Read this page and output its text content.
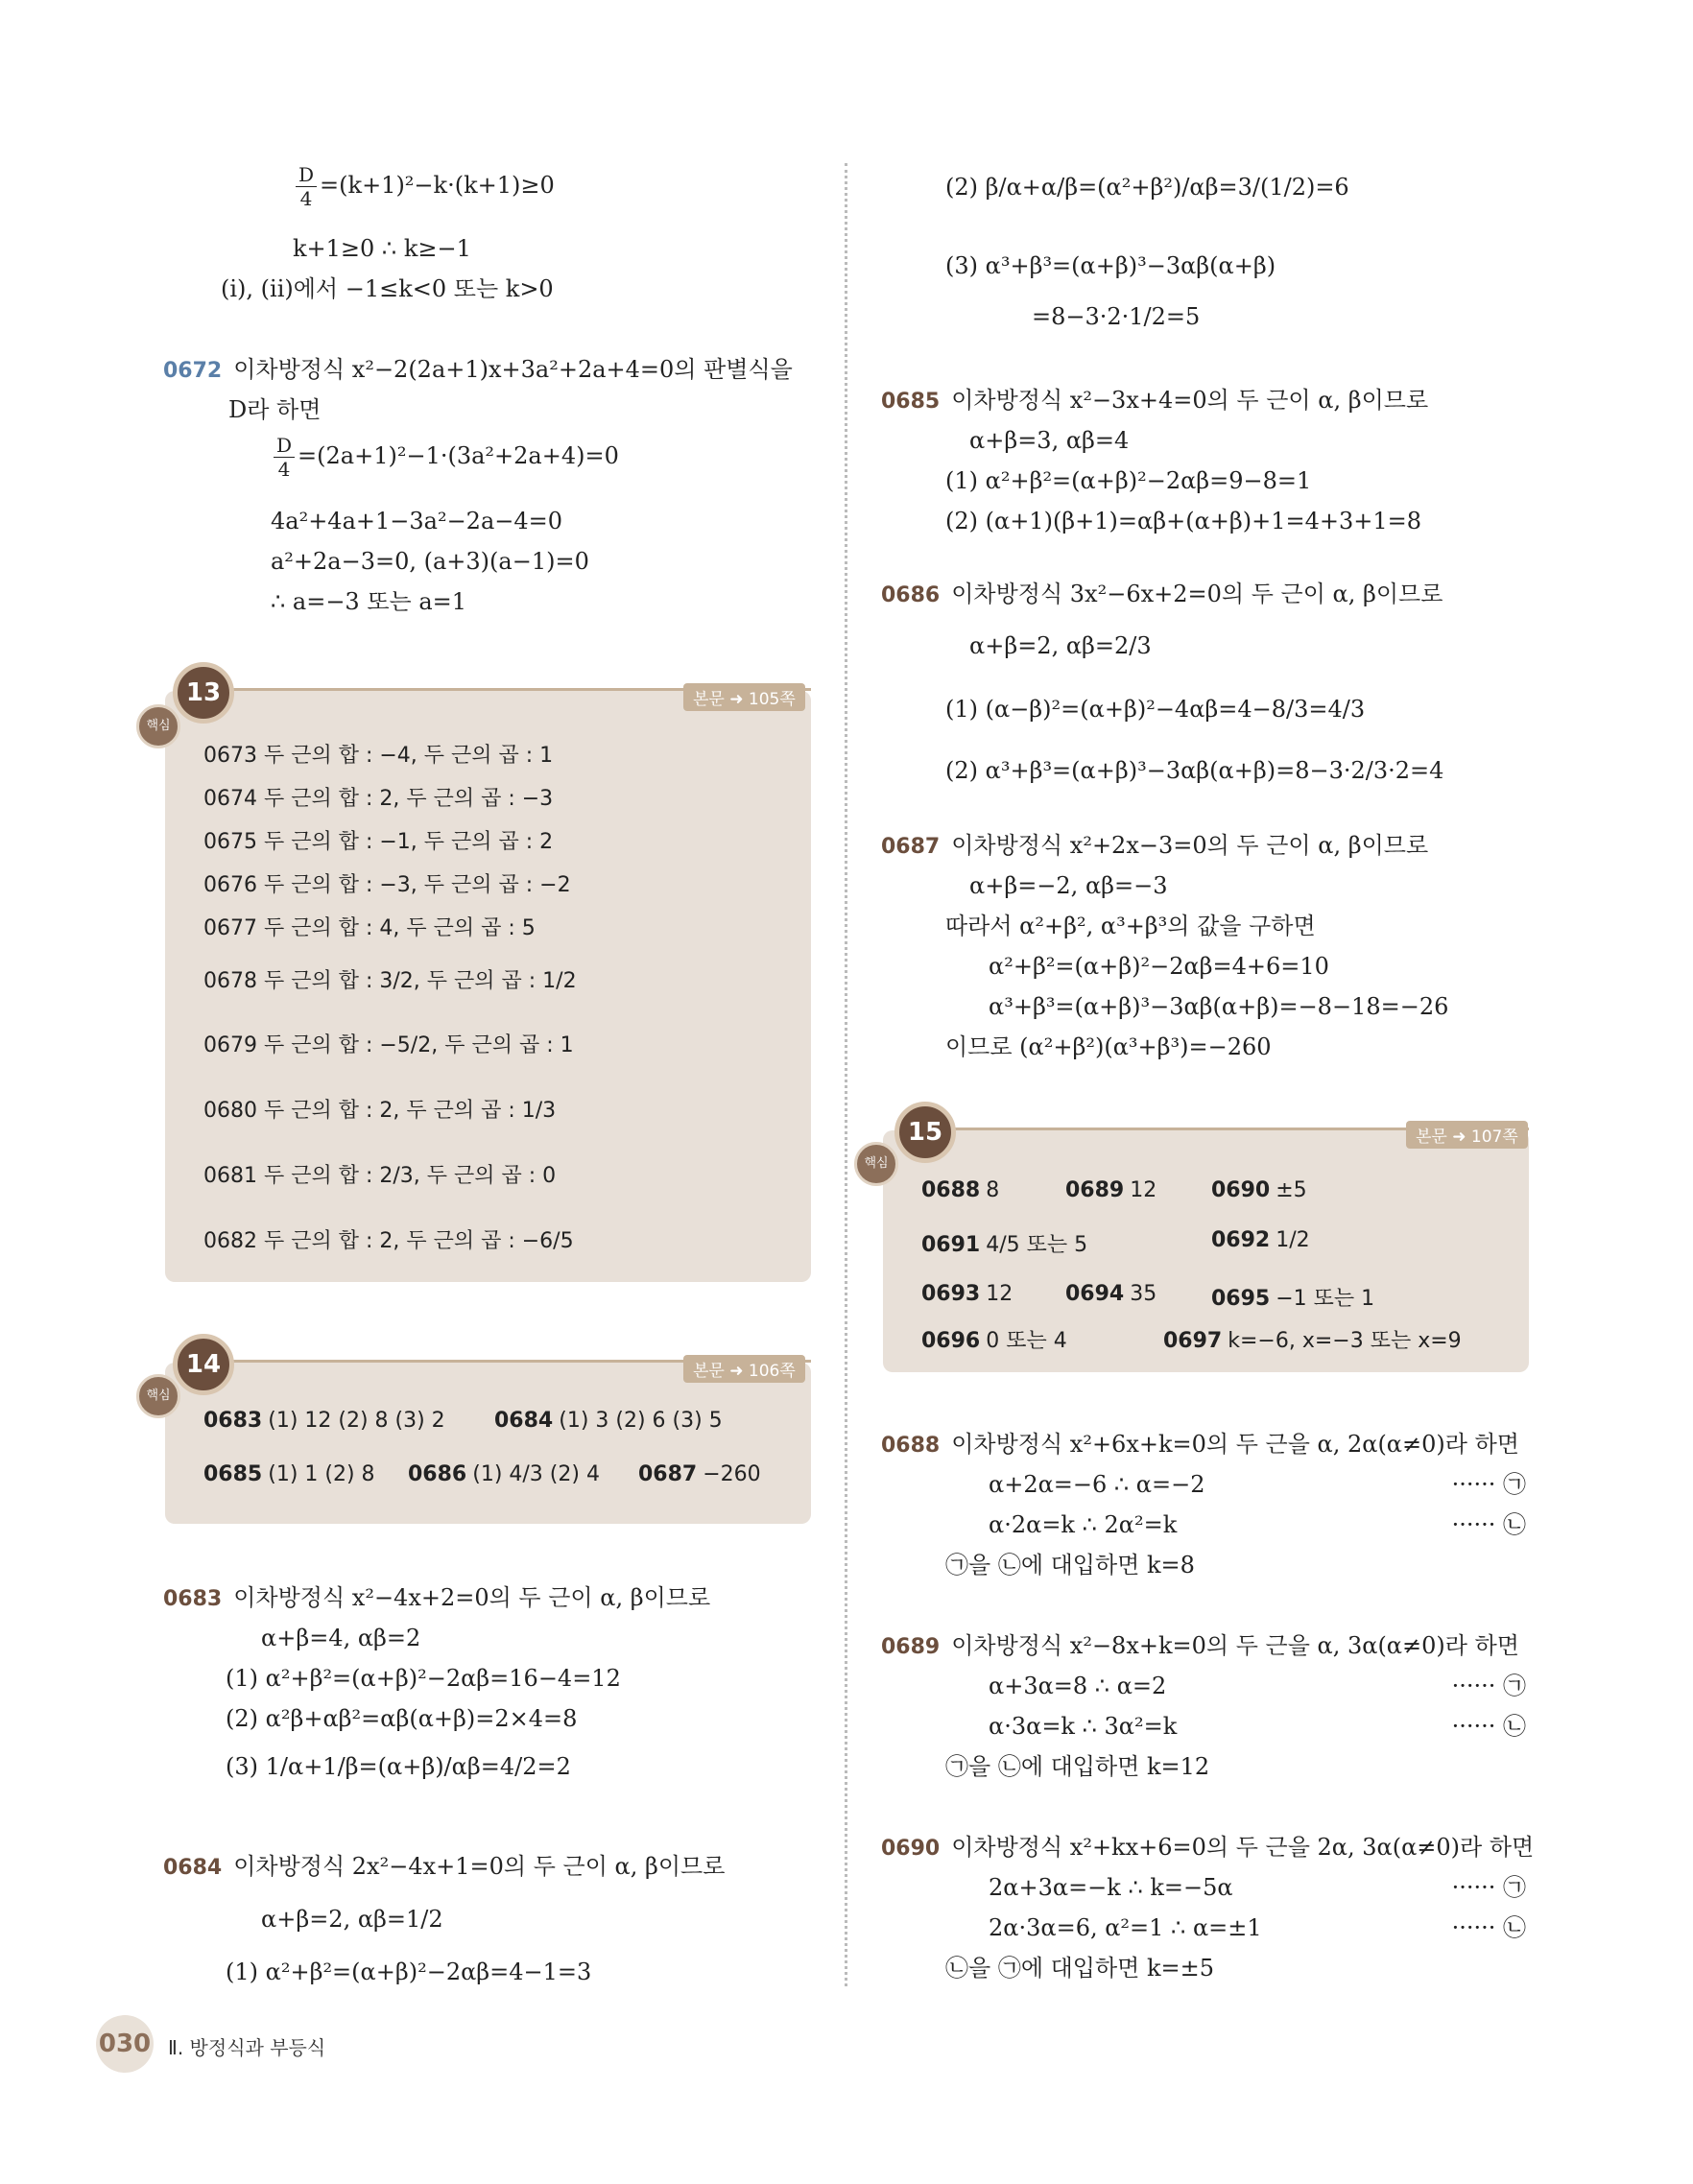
$\frac{D}{4} =(k+1)^2-k\cdot(k+1)\ge 0$
k+1≥0 ∴ k≥−1
(i), (ii)에서 −1≤k<0 또는 k>0
0672 이차방정식 x²−2(2a+1)x+3a²+2a+4=0의 판별식을
D라 하면
$\frac{D}{4} =(2a+1)^2-1\cdot(3a^2+2a+4)=0$
4a²+4a+1−3a²−2a−4=0
a²+2a−3=0, (a+3)(a−1)=0
∴ a=−3 또는 a=1
13
핵심
본문 ➜ 105쪽
0673 두 근의 합 : −4, 두 근의 곱 : 1
0674 두 근의 합 : 2, 두 근의 곱 : −3
0675 두 근의 합 : −1, 두 근의 곱 : 2
0676 두 근의 합 : −3, 두 근의 곱 : −2
0677 두 근의 합 : 4, 두 근의 곱 : 5
0678 두 근의 합 : 3/2, 두 근의 곱 : 1/2
0679 두 근의 합 : −5/2, 두 근의 곱 : 1
0680 두 근의 합 : 2, 두 근의 곱 : 1/3
0681 두 근의 합 : 2/3, 두 근의 곱 : 0
0682 두 근의 합 : 2, 두 근의 곱 : −6/5
14
핵심
본문 ➜ 106쪽
0683 (1) 12 (2) 8 (3) 2 0684 (1) 3 (2) 6 (3) 5
0685 (1) 1 (2) 8 0686 (1) 4/3 (2) 4 0687 −260
0683 이차방정식 x²−4x+2=0의 두 근이 α, β이므로
α+β=4, αβ=2
(1) α²+β²=(α+β)²−2αβ=16−4=12
(2) α²β+αβ²=αβ(α+β)=2×4=8
(3) 1/α+1/β=(α+β)/αβ=4/2=2
0684 이차방정식 2x²−4x+1=0의 두 근이 α, β이므로
α+β=2, αβ=1/2
(1) α²+β²=(α+β)²−2αβ=4−1=3
(2) β/α+α/β=(α²+β²)/αβ=3/(1/2)=6
(3) α³+β³=(α+β)³−3αβ(α+β)
=8−3·2·1/2=5
0685 이차방정식 x²−3x+4=0의 두 근이 α, β이므로
α+β=3, αβ=4
(1) α²+β²=(α+β)²−2αβ=9−8=1
(2) (α+1)(β+1)=αβ+(α+β)+1=4+3+1=8
0686 이차방정식 3x²−6x+2=0의 두 근이 α, β이므로
α+β=2, αβ=2/3
(1) (α−β)²=(α+β)²−4αβ=4−8/3=4/3
(2) α³+β³=(α+β)³−3αβ(α+β)=8−3·2/3·2=4
0687 이차방정식 x²+2x−3=0의 두 근이 α, β이므로
α+β=−2, αβ=−3
따라서 α²+β², α³+β³의 값을 구하면
α²+β²=(α+β)²−2αβ=4+6=10
α³+β³=(α+β)³−3αβ(α+β)=−8−18=−26
이므로 (α²+β²)(α³+β³)=−260
15
핵심
본문 ➜ 107쪽
0688 8	0689 12	0690 ±5
0691 4/5 또는 5	0692 1/2
0693 12 0694 35	0695 −1 또는 1
0696 0 또는 4	0697 k=−6, x=−3 또는 x=9
0688 이차방정식 x²+6x+k=0의 두 근을 α, 2α(α≠0)라 하면
α+2α=−6 ∴ α=−2	······ ㉠
α·2α=k ∴ 2α²=k	······ ㉡
㉠을 ㉡에 대입하면 k=8
0689 이차방정식 x²−8x+k=0의 두 근을 α, 3α(α≠0)라 하면
α+3α=8 ∴ α=2	······ ㉠
α·3α=k ∴ 3α²=k	······ ㉡
㉠을 ㉡에 대입하면 k=12
0690 이차방정식 x²+kx+6=0의 두 근을 2α, 3α(α≠0)라 하면
2α+3α=−k ∴ k=−5α	······ ㉠
2α·3α=6, α²=1 ∴ α=±1	······ ㉡
㉡을 ㉠에 대입하면 k=±5
030 Ⅱ. 방정식과 부등식
